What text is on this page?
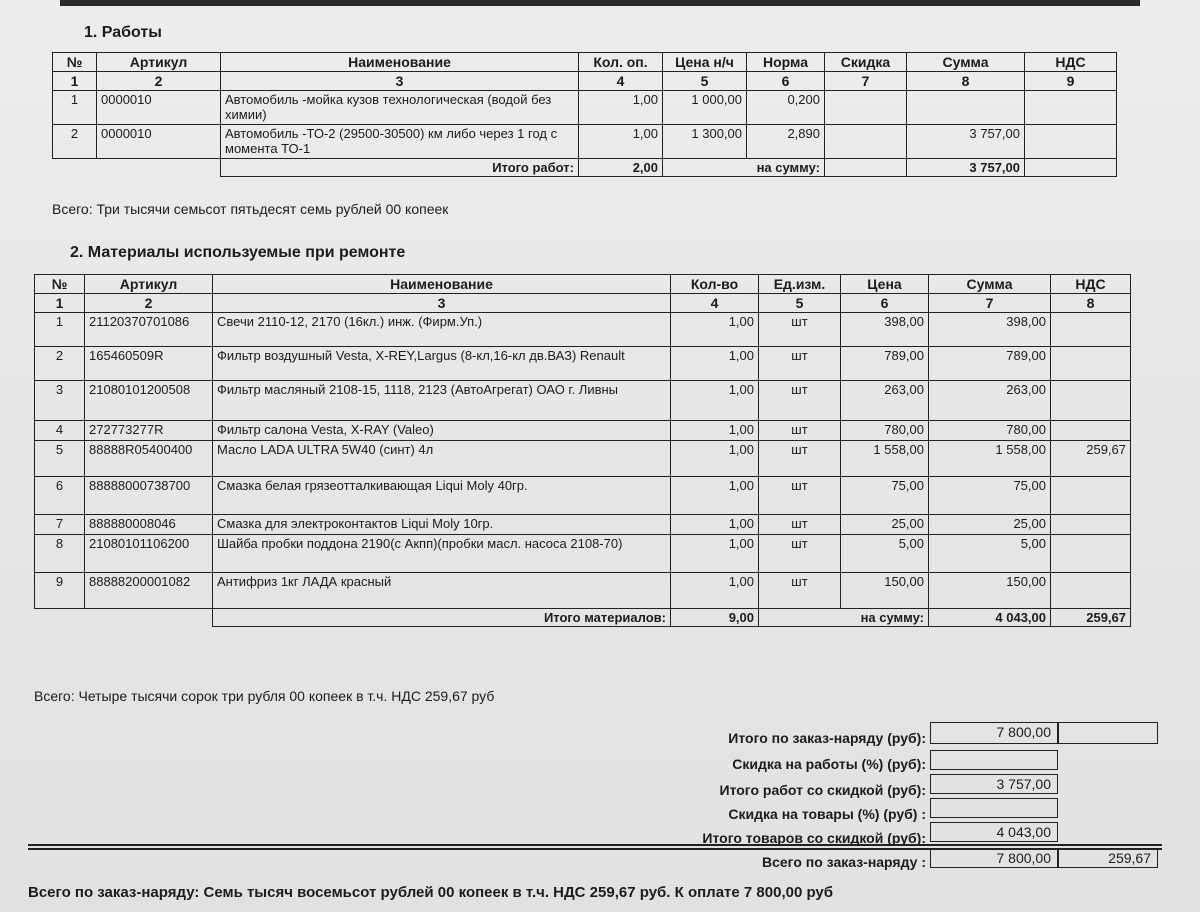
1. Работы
№	Артикул	Наименование	Кол. оп.	Цена н/ч	Норма	Скидка	Сумма	НДС
1	2	3	4	5	6	7	8	9
1	0000010	Автомобиль -мойка кузов технологическая (водой без химии)	1,00	1 000,00	0,200			
2	0000010	Автомобиль -ТО-2 (29500-30500) км либо через 1 год с момента ТО-1	1,00	1 300,00	2,890		3 757,00	
		Итого работ:	2,00	на сумму:			3 757,00	

Всего: Три тысячи семьсот пятьдесят семь рублей 00 копеек

2. Материалы используемые при ремонте
№	Артикул	Наименование	Кол-во	Ед.изм.	Цена	Сумма	НДС
1	2	3	4	5	6	7	8
1	21120370701086	Свечи 2110-12, 2170 (16кл.) инж. (Фирм.Уп.)	1,00	шт	398,00	398,00	
2	165460509R	Фильтр воздушный Vesta, X-REY,Largus (8-кл,16-кл дв.ВАЗ) Renault	1,00	шт	789,00	789,00	
3	21080101200508	Фильтр масляный 2108-15, 1118, 2123 (АвтоАгрегат) ОАО г. Ливны	1,00	шт	263,00	263,00	
4	272773277R	Фильтр салона Vesta, X-RAY (Valeo)	1,00	шт	780,00	780,00	
5	88888R05400400	Масло LADA ULTRA 5W40 (синт) 4л	1,00	шт	1 558,00	1 558,00	259,67
6	88888000738700	Смазка белая грязеотталкивающая Liqui Moly 40гр.	1,00	шт	75,00	75,00	
7	888880008046	Смазка для электроконтактов Liqui Moly 10гр.	1,00	шт	25,00	25,00	
8	21080101106200	Шайба пробки поддона 2190(с Акпп)(пробки масл. насоса 2108-70)	1,00	шт	5,00	5,00	
9	88888200001082	Антифриз 1кг ЛАДА красный	1,00	шт	150,00	150,00	
		Итого материалов:	9,00	на сумму:		4 043,00	259,67

Всего: Четыре тысячи сорок три рубля 00 копеек в т.ч. НДС 259,67 руб

Итого по заказ-наряду (руб):	7 800,00
Скидка на работы (%) (руб):
Итого работ со скидкой (руб):	3 757,00
Скидка на товары (%) (руб) :
Итого товаров со скидкой (руб):	4 043,00
Всего по заказ-наряду :	7 800,00	259,67

Всего по заказ-наряду: Семь тысяч восемьсот рублей 00 копеек в т.ч. НДС 259,67 руб. К оплате 7 800,00 руб
